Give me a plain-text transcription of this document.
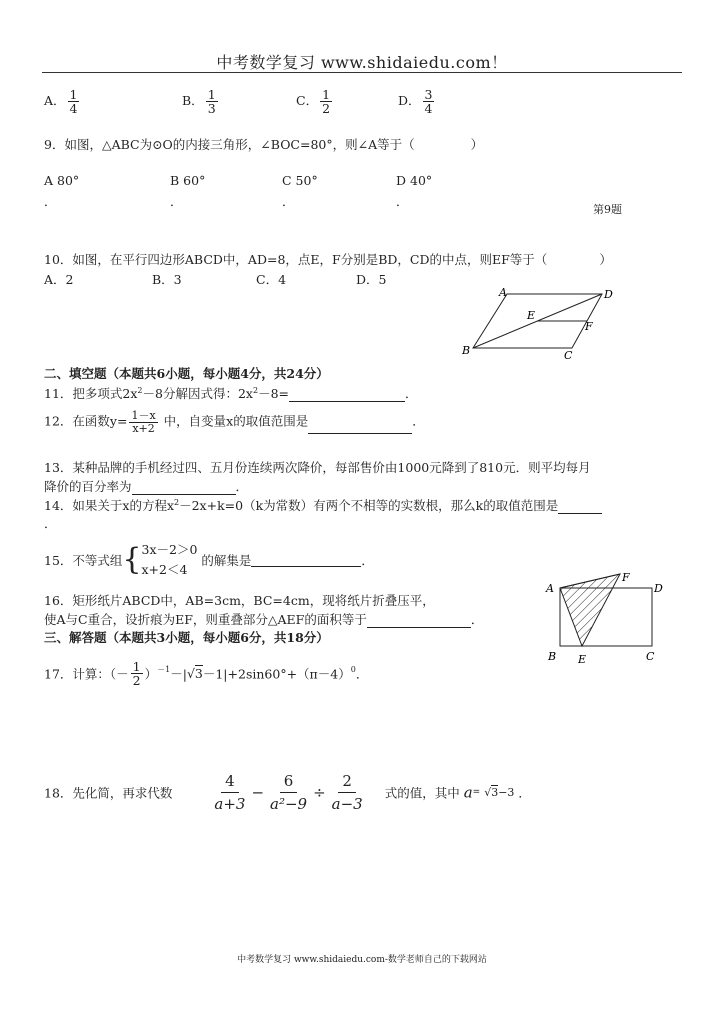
中考数学复习 www.shidaiedu.com！
A． $\frac{1}{4}$	B． $\frac{1}{3}$	C． $\frac{1}{2}$	D． $\frac{3}{4}$
9．如图，△ABC为⊙O的内接三角形，∠BOC=80°，则∠A等于（	）
A 80°	B 60°	C 50°	D 40°
．	．	．	．
第9题
10．如图，在平行四边形ABCD中，AD=8，点E，F分别是BD，CD的中点，则EF等于（	）
A．2	B．3	C．4	D．5
A	D
E
F
B	C
二、填空题（本题共6小题，每小题4分，共24分）
11．把多项式$2x^2-8$分解因式得：$2x^2-8=$	．
12．在函数$y= \frac{1-x}{x+2}$ 中，自变量x的取值范围是	．
13．某种品牌的手机经过四、五月份连续两次降价，每部售价由1000元降到了810元．则平均每月
降价的百分率为	．
14．如果关于x的方程$x^2-2x+k=0(k$为常数）有两个不相等的实数根，那么k的取值范围是
．
15．不等式组{ 3x－2＞0
x+2＜4
的解集是	．
16．矩形纸片ABCD中，AB=3cm，BC=4cm，现将纸片折叠压平，
使A与C重合，设折痕为EF，则重叠部分△AEF的面积等于	．
A
F
D
B E	C
三、解答题（本题共3小题，每小题6分，共18分）
17．计算：（－ $\frac{1}{2} )^{-1}-|√3-1|+2\sin 60^\circ+(\pi-4)^0$．
18．先化简，再求代数	$\frac{4}{a+3} - \frac{6}{\text{a²−9}} \div \frac{2}{a-3}$ 式的值，其中 a= √3−3 ．
中考数学复习 www.shidaiedu.com-数学老师自己的下载网站
